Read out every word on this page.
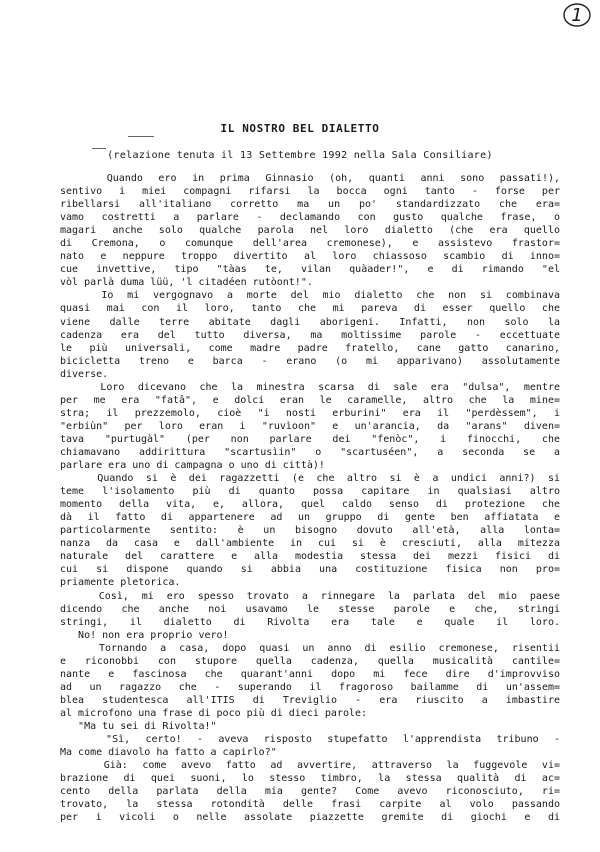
1
IL NOSTRO BEL DIALETTO
(relazione tenuta il 13 Settembre 1992 nella Sala Consiliare)
Quando ero in prima Ginnasio (oh, quanti anni sono passati!),
sentivo i miei compagni rifarsi la bocca ogni tanto - forse per
ribellarsi all'italiano corretto ma un po' standardizzato che era=
vamo costretti a parlare - declamando con gusto qualche frase, o
magari anche solo qualche parola nel loro dialetto (che era quello
di Cremona, o comunque dell'area cremonese), e assistevo frastor=
nato e neppure troppo divertito al loro chiassoso scambio di inno=
cue invettive, tipo "tàas te, vilan quàader!", e di rimando "el
vòl parlà duma lüü, 'l citadéen rutòont!".
Io mi vergognavo a morte del mio dialetto che non si combinava
quasi mai con il loro, tanto che mi pareva di esser quello che
viene dalle terre abitate dagli aborigeni. Infatti, non solo la
cadenza era del tutto diversa, ma moltissime parole - eccettuate
le più universali, come madre padre fratello, cane gatto canarino,
bicicletta treno e barca - erano (o mi apparivano) assolutamente
diverse.
Loro dicevano che la minestra scarsa di sale era "dulsa", mentre
per me era "fatâ", e dolci eran le caramelle, altro che la mine=
stra; il prezzemolo, cioè "i nosti erburini" era il "perdèssem", i
"erbiùn" per loro eran i "ruvìoon" e un'arancia, da "arans" diven=
tava "purtugàl" (per non parlare dei "fenòc", i finocchi, che
chiamavano addirittura "scartusìin" o "scartuséen", a seconda se a
parlare era uno di campagna o uno di città)!
Quando si è dei ragazzetti (e che altro si è a undici anni?) si
teme l'isolamento più di quanto possa capitare in qualsiasi altro
momento della vita, e, allora, quel caldo senso di protezione che
dà il fatto di appartenere ad un gruppo di gente ben affiatata e
particolarmente sentito: è un bisogno dovuto all'età, alla lonta=
nanza da casa e dall'ambiente in cui si è cresciuti, alla mitezza
naturale del carattere e alla modestia stessa dei mezzi fisici di
cui si dispone quando si abbia una costituzione fisica non pro=
priamente pletorica.
Così, mi ero spesso trovato a rinnegare la parlata del mio paese
dicendo che anche noi usavamo le stesse parole e che, stringi
stringi, il dialetto di Rivolta era tale e quale il loro.
No! non era proprio vero!
Tornando a casa, dopo quasi un anno di esilio cremonese, risentii
e riconobbi con stupore quella cadenza, quella musicalità cantile=
nante e fascinosa che quarant'anni dopo mi fece dire d'improvviso
ad un ragazzo che - superando il fragoroso bailamme di un'assem=
blea studentesca all'ITIS di Treviglio - era riuscito a imbastire
al microfono una frase di poco più di dieci parole:
"Ma tu sei di Rivolta!"
"Sì, certo! - aveva risposto stupefatto l'apprendista tribuno -
Ma come diavolo ha fatto a capirlo?"
Già: come avevo fatto ad avvertire, attraverso la fuggevole vi=
brazione di quei suoni, lo stesso timbro, la stessa qualità di ac=
cento della parlata della mia gente? Come avevo riconosciuto, ri=
trovato, la stessa rotondità delle frasi carpite al volo passando
per i vicoli o nelle assolate piazzette gremite di giochi e di
